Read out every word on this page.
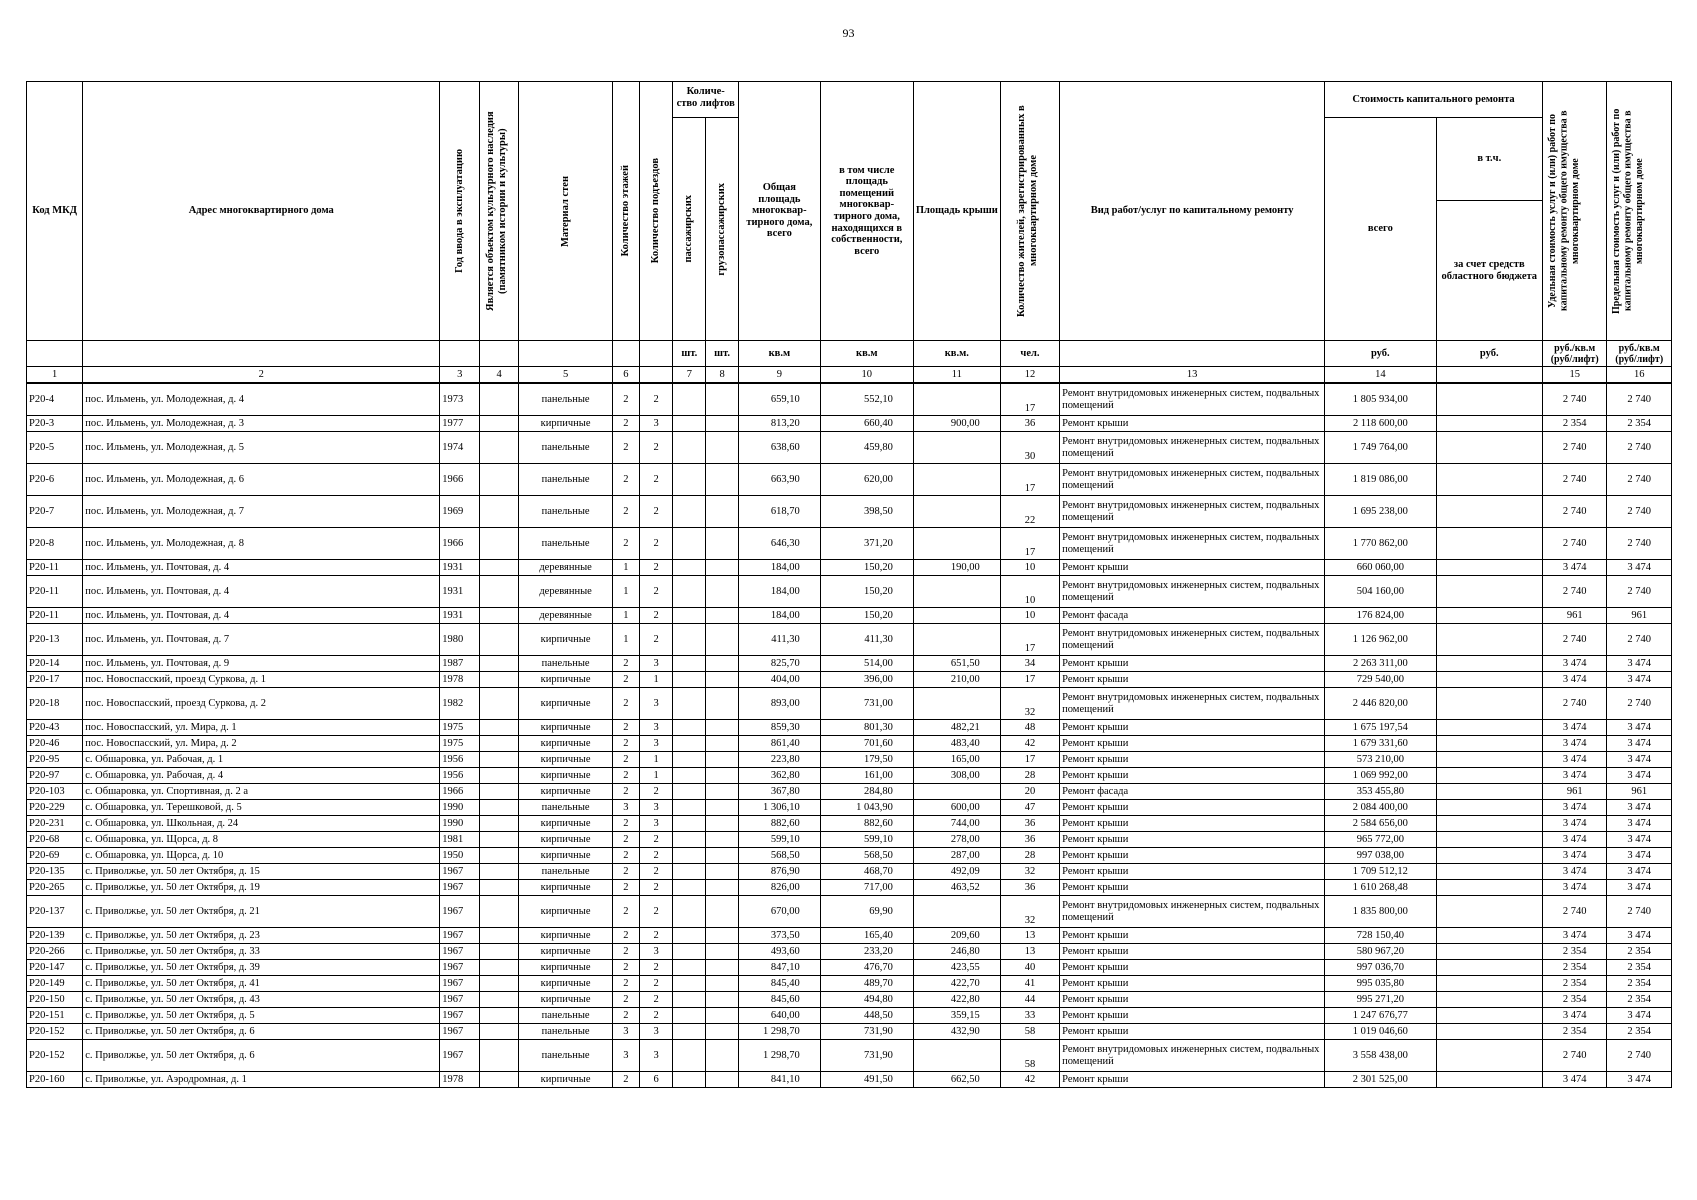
93
Код МКД	Адрес многоквартирного дома	Год ввода в эксплуатацию	Является объектом культурного наследия (памятником истории и культуры)	Материал стен	Количество этажей	Количество подъездов	Количе- ство лифтов		Общая площадь многоквар- тирного дома, всего	в том числе площадь помещений многоквар- тирного дома, находящихся в собственности, всего	Площадь крыши	Количество жителей, зарегистрированных в многоквартирном доме	Вид работ/услуг по капитальному ремонту	Стоимость капитального ремонта		Удельная стоимость услуг и (или) работ по капитальному ремонту общего имущества в многоквартирном доме	Предельная стоимость услуг и (или) работ по капитальному ремонту общего имущества в многоквартирном доме

							пассажирских	грузопассажирских						всего	в т.ч.		
															за счет средств областного бюджета		
							шт.	шт.	кв.м	кв.м	кв.м.	чел.		руб.	руб.	руб./кв.м (руб/лифт)	руб./кв.м (руб/лифт)
1	2	3	4	5	6		7	8	9	10	11	12	13	14		15	16
Р20-4	пос. Ильмень, ул. Молодежная, д. 4	1973		панельные	2	2			659,10	552,10		17	Ремонт внутридомовых инженерных систем, подвальных помещений	1 805 934,00		2 740	2 740
Р20-3	пос. Ильмень, ул. Молодежная, д. 3	1977		кирпичные	2	3			813,20	660,40	900,00	36	Ремонт крыши	2 118 600,00		2 354	2 354
Р20-5	пос. Ильмень, ул. Молодежная, д. 5	1974		панельные	2	2			638,60	459,80		30	Ремонт внутридомовых инженерных систем, подвальных помещений	1 749 764,00		2 740	2 740
Р20-6	пос. Ильмень, ул. Молодежная, д. 6	1966		панельные	2	2			663,90	620,00		17	Ремонт внутридомовых инженерных систем, подвальных помещений	1 819 086,00		2 740	2 740
Р20-7	пос. Ильмень, ул. Молодежная, д. 7	1969		панельные	2	2			618,70	398,50		22	Ремонт внутридомовых инженерных систем, подвальных помещений	1 695 238,00		2 740	2 740
Р20-8	пос. Ильмень, ул. Молодежная, д. 8	1966		панельные	2	2			646,30	371,20		17	Ремонт внутридомовых инженерных систем, подвальных помещений	1 770 862,00		2 740	2 740
Р20-11	пос. Ильмень, ул. Почтовая, д. 4	1931		деревянные	1	2			184,00	150,20	190,00	10	Ремонт крыши	660 060,00		3 474	3 474
Р20-11	пос. Ильмень, ул. Почтовая, д. 4	1931		деревянные	1	2			184,00	150,20		10	Ремонт внутридомовых инженерных систем, подвальных помещений	504 160,00		2 740	2 740
Р20-11	пос. Ильмень, ул. Почтовая, д. 4	1931		деревянные	1	2			184,00	150,20		10	Ремонт фасада	176 824,00		961	961
Р20-13	пос. Ильмень, ул. Почтовая, д. 7	1980		кирпичные	1	2			411,30	411,30		17	Ремонт внутридомовых инженерных систем, подвальных помещений	1 126 962,00		2 740	2 740
Р20-14	пос. Ильмень, ул. Почтовая, д. 9	1987		панельные	2	3			825,70	514,00	651,50	34	Ремонт крыши	2 263 311,00		3 474	3 474
Р20-17	пос. Новоспасский, проезд Суркова, д. 1	1978		кирпичные	2	1			404,00	396,00	210,00	17	Ремонт крыши	729 540,00		3 474	3 474
Р20-18	пос. Новоспасский, проезд Суркова, д. 2	1982		кирпичные	2	3			893,00	731,00		32	Ремонт внутридомовых инженерных систем, подвальных помещений	2 446 820,00		2 740	2 740
Р20-43	пос. Новоспасский, ул. Мира, д. 1	1975		кирпичные	2	3			859,30	801,30	482,21	48	Ремонт крыши	1 675 197,54		3 474	3 474
Р20-46	пос. Новоспасский, ул. Мира, д. 2	1975		кирпичные	2	3			861,40	701,60	483,40	42	Ремонт крыши	1 679 331,60		3 474	3 474
Р20-95	с. Обшаровка, ул. Рабочая, д. 1	1956		кирпичные	2	1			223,80	179,50	165,00	17	Ремонт крыши	573 210,00		3 474	3 474
Р20-97	с. Обшаровка, ул. Рабочая, д. 4	1956		кирпичные	2	1			362,80	161,00	308,00	28	Ремонт крыши	1 069 992,00		3 474	3 474
Р20-103	с. Обшаровка, ул. Спортивная, д. 2 а	1966		кирпичные	2	2			367,80	284,80		20	Ремонт фасада	353 455,80		961	961
Р20-229	с. Обшаровка, ул. Терешковой, д. 5	1990		панельные	3	3			1 306,10	1 043,90	600,00	47	Ремонт крыши	2 084 400,00		3 474	3 474
Р20-231	с. Обшаровка, ул. Школьная, д. 24	1990		кирпичные	2	3			882,60	882,60	744,00	36	Ремонт крыши	2 584 656,00		3 474	3 474
Р20-68	с. Обшаровка, ул. Щорса, д. 8	1981		кирпичные	2	2			599,10	599,10	278,00	36	Ремонт крыши	965 772,00		3 474	3 474
Р20-69	с. Обшаровка, ул. Щорса, д. 10	1950		кирпичные	2	2			568,50	568,50	287,00	28	Ремонт крыши	997 038,00		3 474	3 474
Р20-135	с. Приволжье, ул. 50 лет Октября, д. 15	1967		панельные	2	2			876,90	468,70	492,09	32	Ремонт крыши	1 709 512,12		3 474	3 474
Р20-265	с. Приволжье, ул. 50 лет Октября, д. 19	1967		кирпичные	2	2			826,00	717,00	463,52	36	Ремонт крыши	1 610 268,48		3 474	3 474
Р20-137	с. Приволжье, ул. 50 лет Октября, д. 21	1967		кирпичные	2	2			670,00	69,90		32	Ремонт внутридомовых инженерных систем, подвальных помещений	1 835 800,00		2 740	2 740
Р20-139	с. Приволжье, ул. 50 лет Октября, д. 23	1967		кирпичные	2	2			373,50	165,40	209,60	13	Ремонт крыши	728 150,40		3 474	3 474
Р20-266	с. Приволжье, ул. 50 лет Октября, д. 33	1967		кирпичные	2	3			493,60	233,20	246,80	13	Ремонт крыши	580 967,20		2 354	2 354
Р20-147	с. Приволжье, ул. 50 лет Октября, д. 39	1967		кирпичные	2	2			847,10	476,70	423,55	40	Ремонт крыши	997 036,70		2 354	2 354
Р20-149	с. Приволжье, ул. 50 лет Октября, д. 41	1967		кирпичные	2	2			845,40	489,70	422,70	41	Ремонт крыши	995 035,80		2 354	2 354
Р20-150	с. Приволжье, ул. 50 лет Октября, д. 43	1967		кирпичные	2	2			845,60	494,80	422,80	44	Ремонт крыши	995 271,20		2 354	2 354
Р20-151	с. Приволжье, ул. 50 лет Октября, д. 5	1967		панельные	2	2			640,00	448,50	359,15	33	Ремонт крыши	1 247 676,77		3 474	3 474
Р20-152	с. Приволжье, ул. 50 лет Октября, д. 6	1967		панельные	3	3			1 298,70	731,90	432,90	58	Ремонт крыши	1 019 046,60		2 354	2 354
Р20-152	с. Приволжье, ул. 50 лет Октября, д. 6	1967		панельные	3	3			1 298,70	731,90		58	Ремонт внутридомовых инженерных систем, подвальных помещений	3 558 438,00		2 740	2 740
Р20-160	с. Приволжье, ул. Аэродромная, д. 1	1978		кирпичные	2	6			841,10	491,50	662,50	42	Ремонт крыши	2 301 525,00		3 474	3 474
